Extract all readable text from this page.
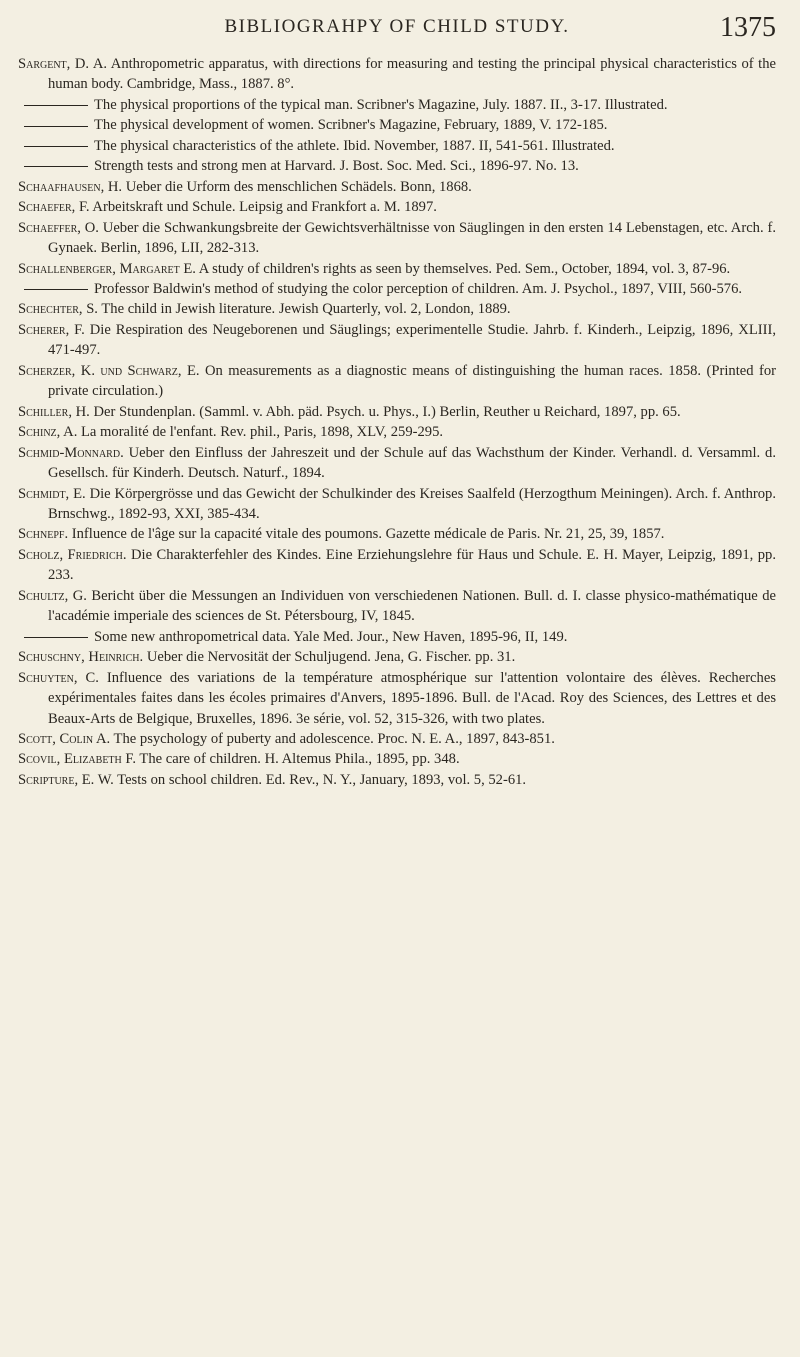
BIBLIOGRAHPY OF CHILD STUDY.	1375

Sargent, D. A. Anthropometric apparatus, with directions for measuring and testing the principal physical characteristics of the human body. Cambridge, Mass., 1887. 8°.

The physical proportions of the typical man. Scribner's Magazine, July. 1887. II., 3-17. Illustrated.

The physical development of women. Scribner's Magazine, February, 1889, V. 172-185.

The physical characteristics of the athlete. Ibid. November, 1887. II, 541-561. Illustrated.

Strength tests and strong men at Harvard. J. Bost. Soc. Med. Sci., 1896-97. No. 13.

Schaafhausen, H. Ueber die Urform des menschlichen Schädels. Bonn, 1868.

Schaefer, F. Arbeitskraft und Schule. Leipsig and Frankfort a. M. 1897.

Schaeffer, O. Ueber die Schwankungsbreite der Gewichtsverhältnisse von Säuglingen in den ersten 14 Lebenstagen, etc. Arch. f. Gynaek. Berlin, 1896, LII, 282-313.

Schallenberger, Margaret E. A study of children's rights as seen by themselves. Ped. Sem., October, 1894, vol. 3, 87-96.

Professor Baldwin's method of studying the color perception of children. Am. J. Psychol., 1897, VIII, 560-576.

Schechter, S. The child in Jewish literature. Jewish Quarterly, vol. 2, London, 1889.

Scherer, F. Die Respiration des Neugeborenen und Säuglings; experimentelle Studie. Jahrb. f. Kinderh., Leipzig, 1896, XLIII, 471-497.

Scherzer, K. und Schwarz, E. On measurements as a diagnostic means of distinguishing the human races. 1858. (Printed for private circulation.)

Schiller, H. Der Stundenplan. (Samml. v. Abh. päd. Psych. u. Phys., I.) Berlin, Reuther u Reichard, 1897, pp. 65.

Schinz, A. La moralité de l'enfant. Rev. phil., Paris, 1898, XLV, 259-295.

Schmid-Monnard. Ueber den Einfluss der Jahreszeit und der Schule auf das Wachsthum der Kinder. Verhandl. d. Versamml. d. Gesellsch. für Kinderh. Deutsch. Naturf., 1894.

Schmidt, E. Die Körpergrösse und das Gewicht der Schulkinder des Kreises Saalfeld (Herzogthum Meiningen). Arch. f. Anthrop. Brnschwg., 1892-93, XXI, 385-434.

Schnepf. Influence de l'âge sur la capacité vitale des poumons. Gazette médicale de Paris. Nr. 21, 25, 39, 1857.

Scholz, Friedrich. Die Charakterfehler des Kindes. Eine Erziehungslehre für Haus und Schule. E. H. Mayer, Leipzig, 1891, pp. 233.

Schultz, G. Bericht über die Messungen an Individuen von verschiedenen Nationen. Bull. d. I. classe physico-mathématique de l'académie imperiale des sciences de St. Pétersbourg, IV, 1845.

Some new anthropometrical data. Yale Med. Jour., New Haven, 1895-96, II, 149.

Schuschny, Heinrich. Ueber die Nervosität der Schuljugend. Jena, G. Fischer. pp. 31.

Schuyten, C. Influence des variations de la température atmosphérique sur l'attention volontaire des élèves. Recherches expérimentales faites dans les écoles primaires d'Anvers, 1895-1896. Bull. de l'Acad. Roy des Sciences, des Lettres et des Beaux-Arts de Belgique, Bruxelles, 1896. 3e série, vol. 52, 315-326, with two plates.

Scott, Colin A. The psychology of puberty and adolescence. Proc. N. E. A., 1897, 843-851.

Scovil, Elizabeth F. The care of children. H. Altemus Phila., 1895, pp. 348.

Scripture, E. W. Tests on school children. Ed. Rev., N. Y., January, 1893, vol. 5, 52-61.
